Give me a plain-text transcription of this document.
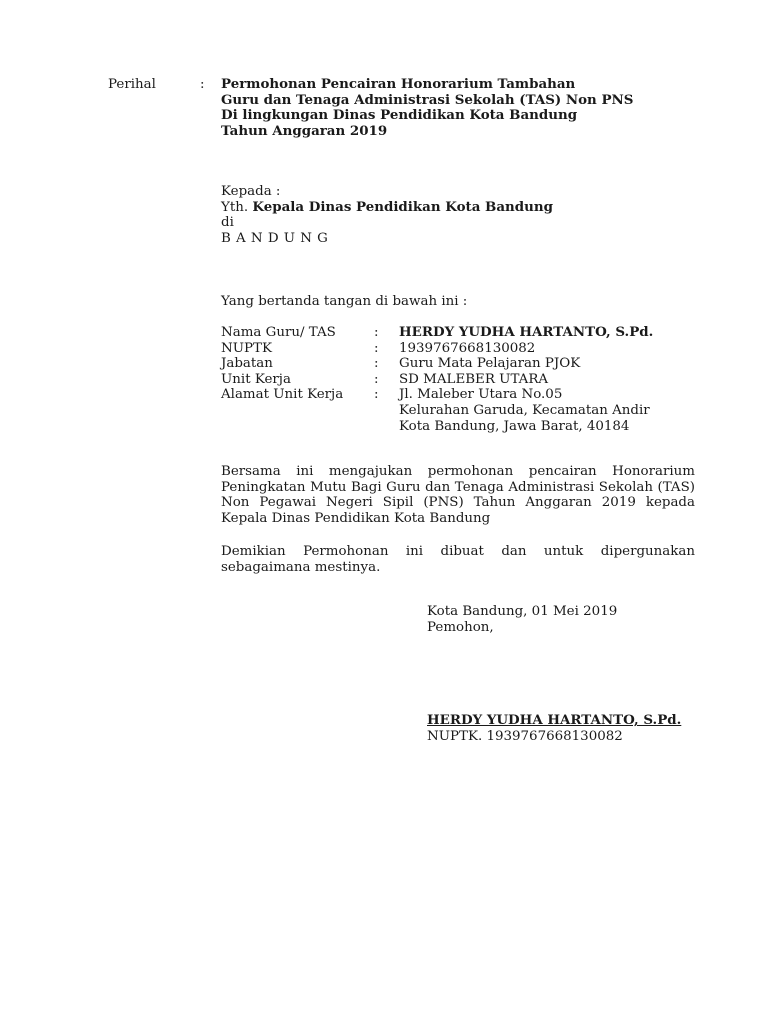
Perihal	: Permohonan Pencairan Honorarium Tambahan
Guru dan Tenaga Administrasi Sekolah (TAS) Non PNS
Di lingkungan Dinas Pendidikan Kota Bandung
Tahun Anggaran 2019
Kepada :
Yth. Kepala Dinas Pendidikan Kota Bandung
di
BANDUNG
Yang bertanda tangan di bawah ini :
Nama Guru/ TAS	: HERDY YUDHA HARTANTO, S.Pd.
NUPTK	: 1939767668130082
Jabatan	: Guru Mata Pelajaran PJOK
Unit Kerja	: SD MALEBER UTARA
Alamat Unit Kerja : Jl. Maleber Utara No.05
Kelurahan Garuda, Kecamatan Andir
Kota Bandung, Jawa Barat, 40184
Bersama ini mengajukan permohonan pencairan Honorarium Peningkatan Mutu Bagi Guru dan Tenaga Administrasi Sekolah (TAS) Non Pegawai Negeri Sipil (PNS) Tahun Anggaran 2019 kepada Kepala Dinas Pendidikan Kota Bandung
Demikian Permohonan ini dibuat dan untuk dipergunakan sebagaimana mestinya.
Kota Bandung, 01 Mei 2019
Pemohon,
HERDY YUDHA HARTANTO, S.Pd.
NUPTK. 1939767668130082
